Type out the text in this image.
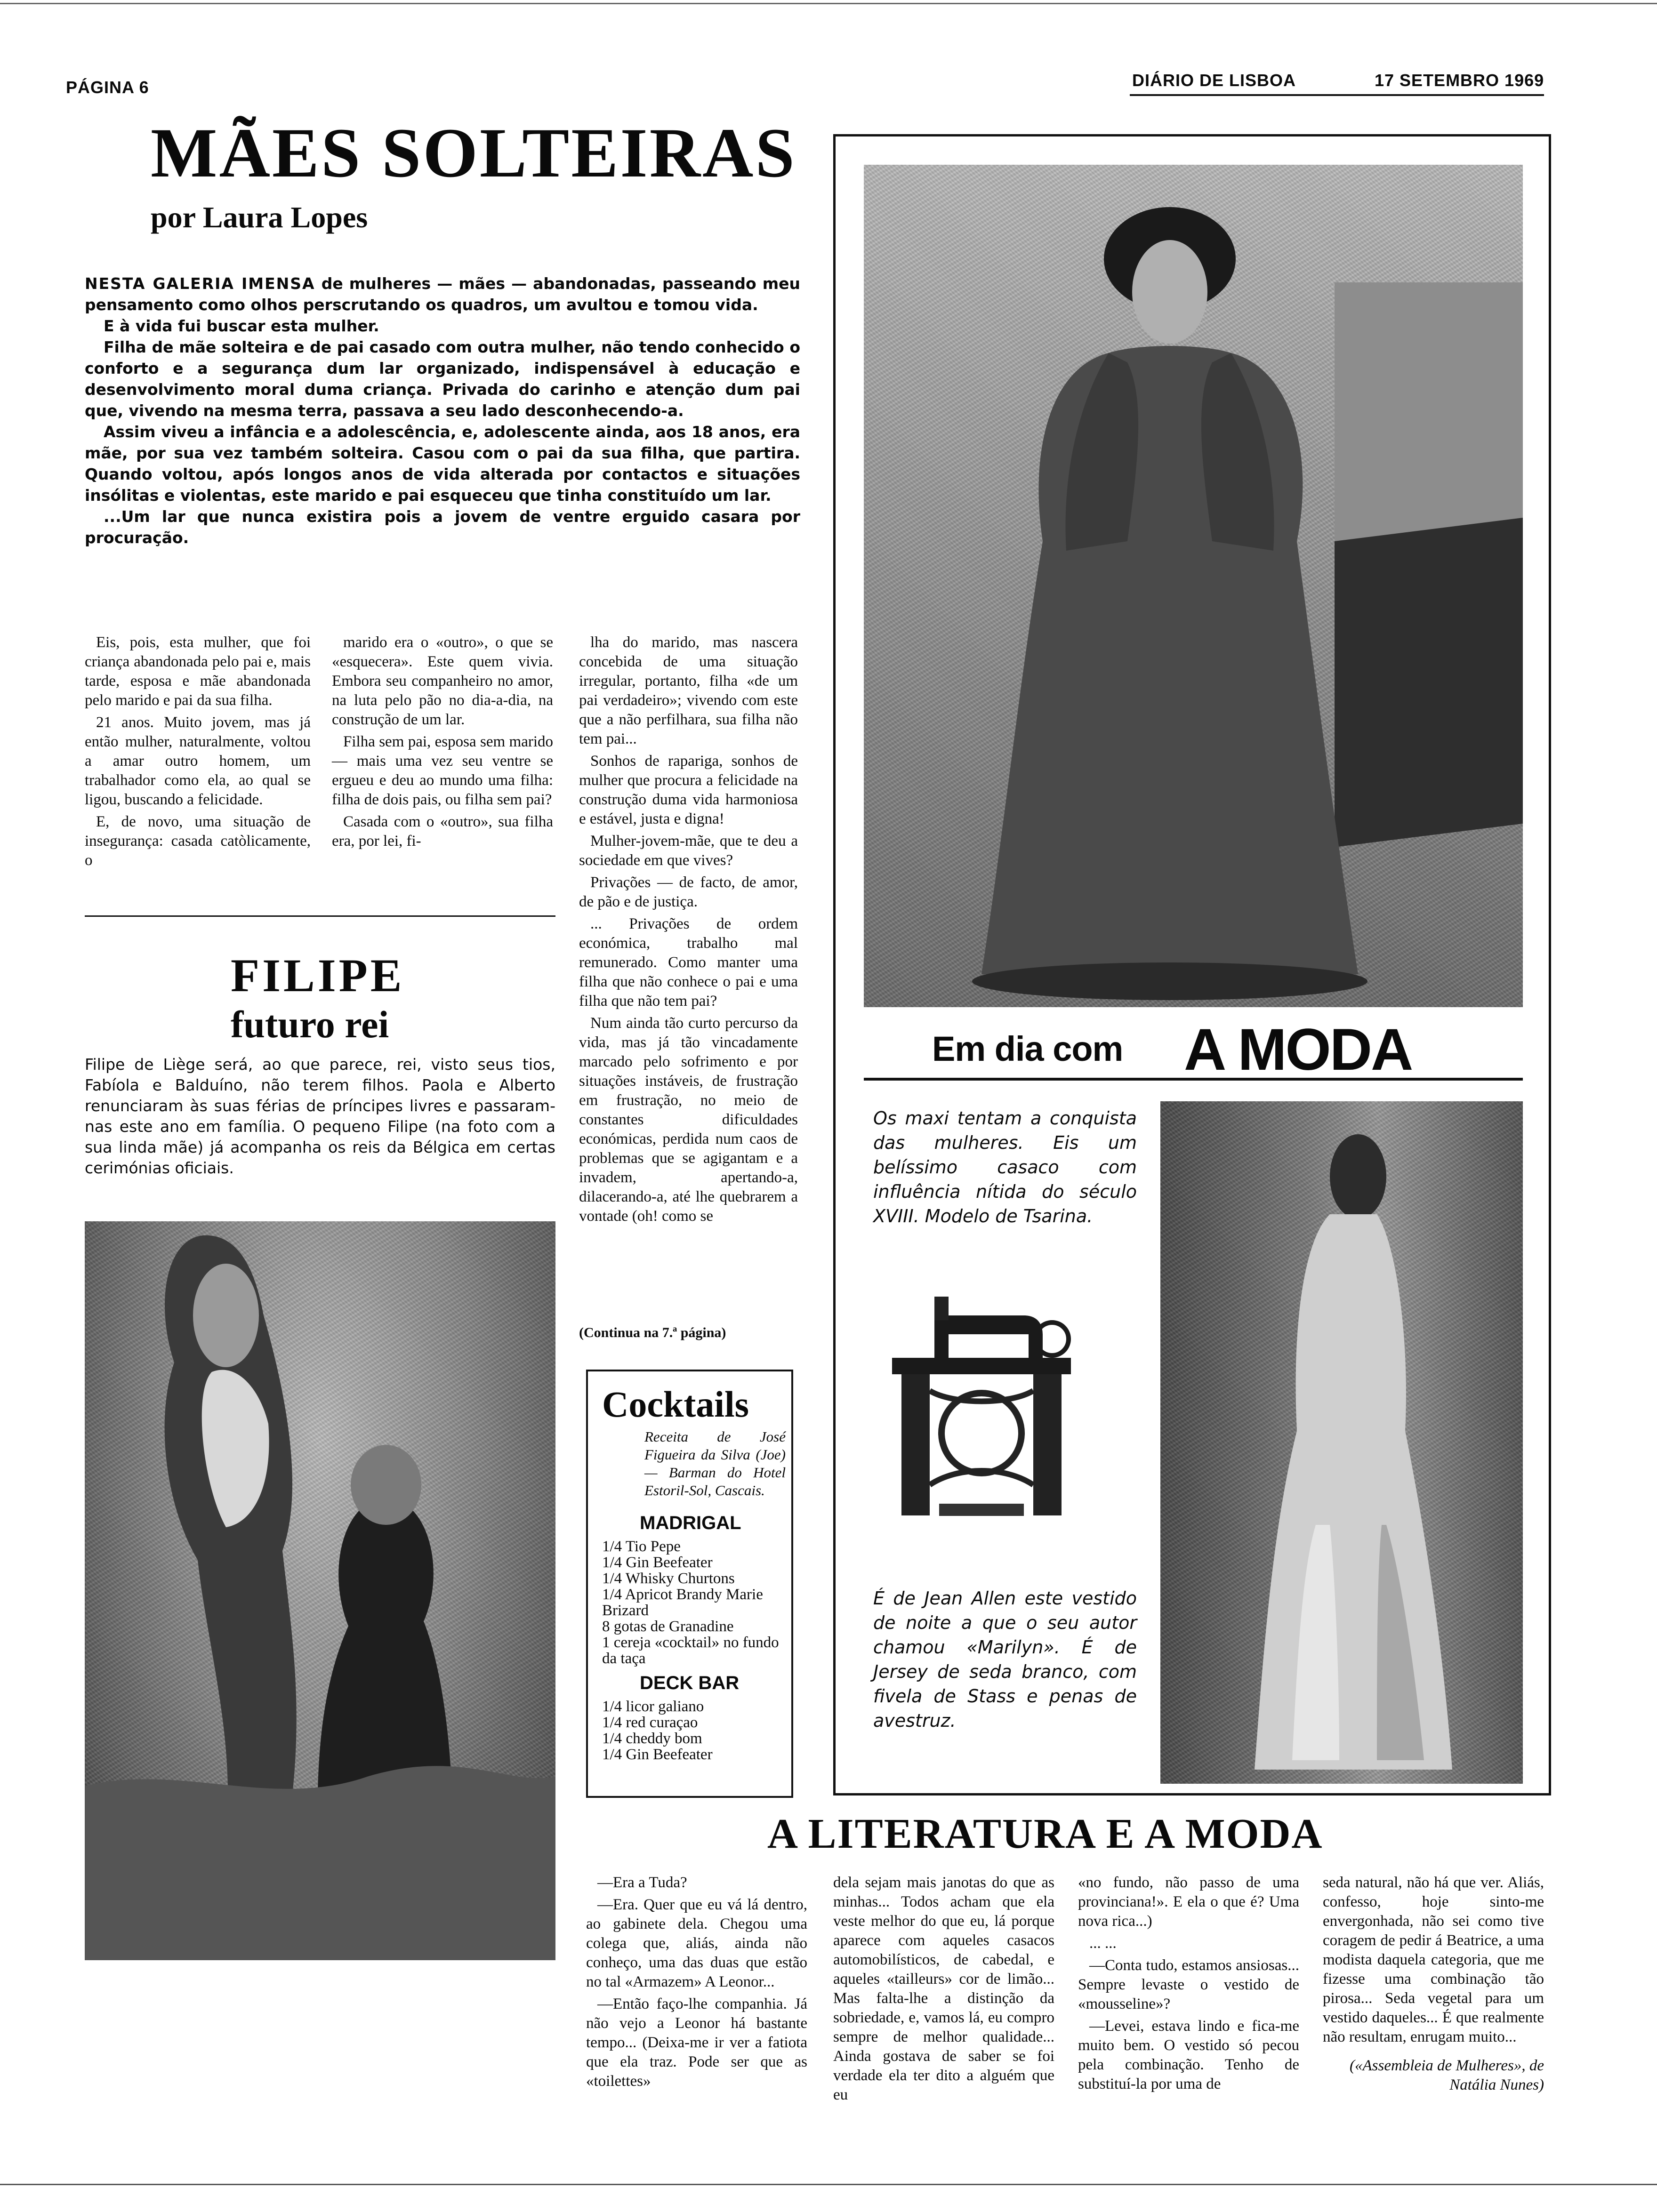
PÁGINA 6	DIÁRIO DE LISBOA	17 SETEMBRO 1969
MÃES SOLTEIRAS
por Laura Lopes

NESTA GALERIA IMENSA de mulheres — mães — abandonadas, passeando meu pensamento como olhos perscrutando os quadros, um avultou e tomou vida.

E à vida fui buscar esta mulher.

Filha de mãe solteira e de pai casado com outra mulher, não tendo conhecido o conforto e a segurança dum lar organizado, indispensável à educação e desenvolvimento moral duma criança. Privada do carinho e atenção dum pai que, vivendo na mesma terra, passava a seu lado desconhecendo-a.

Assim viveu a infância e a adolescência, e, adolescente ainda, aos 18 anos, era mãe, por sua vez também solteira. Casou com o pai da sua filha, que partira. Quando voltou, após longos anos de vida alterada por contactos e situações insólitas e violentas, este marido e pai esqueceu que tinha constituído um lar.

...Um lar que nunca existira pois a jovem de ventre erguido casara por procuração.

Eis, pois, esta mulher, que foi criança abandonada pelo pai e, mais tarde, esposa e mãe abandonada pelo marido e pai da sua filha.

21 anos. Muito jovem, mas já então mulher, naturalmente, voltou a amar outro homem, um trabalhador como ela, ao qual se ligou, buscando a felicidade.

E, de novo, uma situação de insegurança: casada catòlicamente, o

marido era o «outro», o que se «esquecera». Este quem vivia. Embora seu companheiro no amor, na luta pelo pão no dia-a-dia, na construção de um lar.

Filha sem pai, esposa sem marido — mais uma vez seu ventre se ergueu e deu ao mundo uma filha: filha de dois pais, ou filha sem pai?

Casada com o «outro», sua filha era, por lei, fi-

lha do marido, mas nascera concebida de uma situação irregular, portanto, filha «de um pai verdadeiro»; vivendo com este que a não perfilhara, sua filha não tem pai...

Sonhos de rapariga, sonhos de mulher que procura a felicidade na construção duma vida harmoniosa e estável, justa e digna!

Mulher-jovem-mãe, que te deu a sociedade em que vives?

Privações — de facto, de amor, de pão e de justiça.

... Privações de ordem económica, trabalho mal remunerado. Como manter uma filha que não conhece o pai e uma filha que não tem pai?

Num ainda tão curto percurso da vida, mas já tão vincadamente marcado pelo sofrimento e por situações instáveis, de frustração em frustração, no meio de constantes dificuldades económicas, perdida num caos de problemas que se agigantam e a invadem, apertando-a, dilacerando-a, até lhe quebrarem a vontade (oh! como se

(Continua na 7.ª página)
FILIPE
futuro rei
Filipe de Liège será, ao que parece, rei, visto seus tios, Fabíola e Balduíno, não terem filhos. Paola e Alberto renunciaram às suas férias de príncipes livres e passaram-nas este ano em família. O pequeno Filipe (na foto com a sua linda mãe) já acompanha os reis da Bélgica em certas cerimónias oficiais.
Cocktails
Receita de José Figueira da Silva (Joe) — Barman do Hotel Estoril-Sol, Cascais.
MADRIGAL
1/4 Tio Pepe
1/4 Gin Beefeater
1/4 Whisky Churtons
1/4 Apricot Brandy Marie Brizard
8 gotas de Granadine
1 cereja «cocktail» no fundo da taça
DECK BAR
1/4 licor galiano
1/4 red curaçao
1/4 cheddy bom
1/4 Gin Beefeater
Em dia com A MODA
Os maxi tentam a conquista das mulheres. Eis um belíssimo casaco com influência nítida do século XVIII. Modelo de Tsarina.
É de Jean Allen este vestido de noite a que o seu autor chamou «Marilyn». É de Jersey de seda branco, com fivela de Stass e penas de avestruz.
A LITERATURA E A MODA

—Era a Tuda?

—Era. Quer que eu vá lá dentro, ao gabinete dela. Chegou uma colega que, aliás, ainda não conheço, uma das duas que estão no tal «Armazem» A Leonor...

—Então faço-lhe companhia. Já não vejo a Leonor há bastante tempo... (Deixa-me ir ver a fatiota que ela traz. Pode ser que as «toilettes»

dela sejam mais janotas do que as minhas... Todos acham que ela veste melhor do que eu, lá porque aparece com aqueles casacos automobilísticos, de cabedal, e aqueles «tailleurs» cor de limão... Mas falta-lhe a distinção da sobriedade, e, vamos lá, eu compro sempre de melhor qualidade... Ainda gostava de saber se foi verdade ela ter dito a alguém que eu

«no fundo, não passo de uma provinciana!». E ela o que é? Uma nova rica...)

... ...

—Conta tudo, estamos ansiosas... Sempre levaste o vestido de «mousseline»?

—Levei, estava lindo e fica-me muito bem. O vestido só pecou pela combinação. Tenho de substituí-la por uma de

seda natural, não há que ver. Aliás, confesso, hoje sinto-me envergonhada, não sei como tive coragem de pedir á Beatrice, a uma modista daquela categoria, que me fizesse uma combinação tão pirosa... Seda vegetal para um vestido daqueles... É que realmente não resultam, enrugam muito...

(«Assembleia de Mulheres», de Natália Nunes)
